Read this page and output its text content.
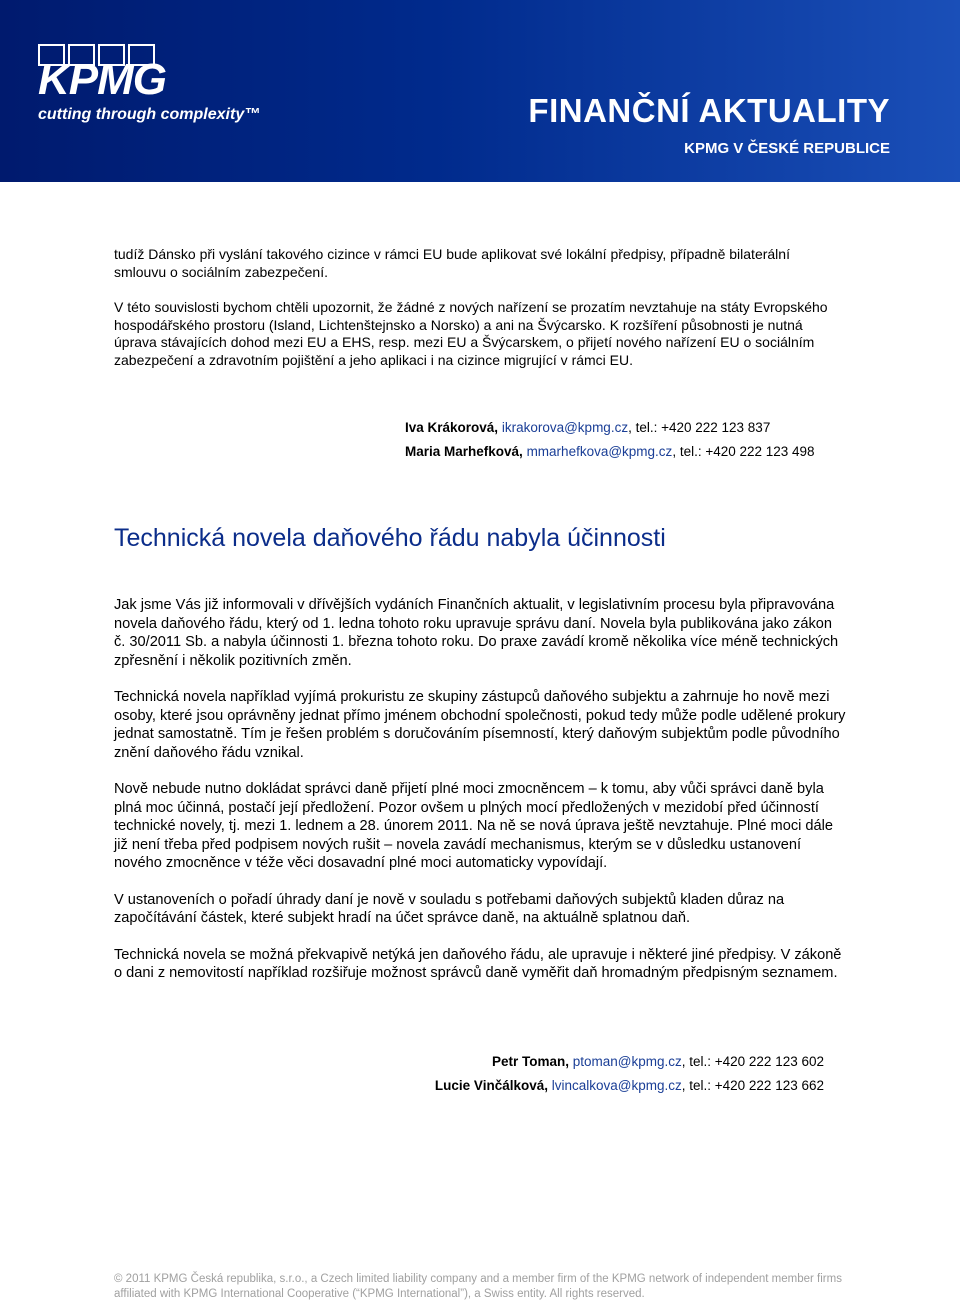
KPMG
cutting through complexity™	FINANČNÍ AKTUALITY
KPMG V ČESKÉ REPUBLICE

tudíž Dánsko při vyslání takového cizince v rámci EU bude aplikovat své lokální předpisy, případně bilaterální smlouvu o sociálním zabezpečení.

V této souvislosti bychom chtěli upozornit, že žádné z nových nařízení se prozatím nevztahuje na státy Evropského hospodářského prostoru (Island, Lichtenštejnsko a Norsko) a ani na Švýcarsko. K rozšíření působnosti je nutná úprava stávajících dohod mezi EU a EHS, resp. mezi EU a Švýcarskem, o přijetí nového nařízení EU o sociálním zabezpečení a zdravotním pojištění a jeho aplikaci i na cizince migrující v rámci EU.

Iva Krákorová, ikrakorova@kpmg.cz, tel.: +420 222 123 837
Maria Marhefková, mmarhefkova@kpmg.cz, tel.: +420 222 123 498
Technická novela daňového řádu nabyla účinnosti

Jak jsme Vás již informovali v dřívějších vydáních Finančních aktualit, v legislativním procesu byla připravována novela daňového řádu, který od 1. ledna tohoto roku upravuje správu daní. Novela byla publikována jako zákon č. 30/2011 Sb. a nabyla účinnosti 1. března tohoto roku. Do praxe zavádí kromě několika více méně technických zpřesnění i několik pozitivních změn.

Technická novela například vyjímá prokuristu ze skupiny zástupců daňového subjektu a zahrnuje ho nově mezi osoby, které jsou oprávněny jednat přímo jménem obchodní společnosti, pokud tedy může podle udělené prokury jednat samostatně. Tím je řešen problém s doručováním písemností, který daňovým subjektům podle původního znění daňového řádu vznikal.

Nově nebude nutno dokládat správci daně přijetí plné moci zmocněncem – k tomu, aby vůči správci daně byla plná moc účinná, postačí její předložení. Pozor ovšem u plných mocí předložených v mezidobí před účinností technické novely, tj. mezi 1. lednem a 28. únorem 2011. Na ně se nová úprava ještě nevztahuje. Plné moci dále již není třeba před podpisem nových rušit – novela zavádí mechanismus, kterým se v důsledku ustanovení nového zmocněnce v téže věci dosavadní plné moci automaticky vypovídají.

V ustanoveních o pořadí úhrady daní je nově v souladu s potřebami daňových subjektů kladen důraz na započítávání částek, které subjekt hradí na účet správce daně, na aktuálně splatnou daň.

Technická novela se možná překvapivě netýká jen daňového řádu, ale upravuje i některé jiné předpisy. V zákoně o dani z nemovitostí například rozšiřuje možnost správců daně vyměřit daň hromadným předpisným seznamem.

Petr Toman, ptoman@kpmg.cz, tel.: +420 222 123 602
Lucie Vinčálková, lvincalkova@kpmg.cz, tel.: +420 222 123 662
© 2011 KPMG Česká republika, s.r.o., a Czech limited liability company and a member firm of the KPMG network of independent member firms affiliated with KPMG International Cooperative (“KPMG International”), a Swiss entity. All rights reserved.
